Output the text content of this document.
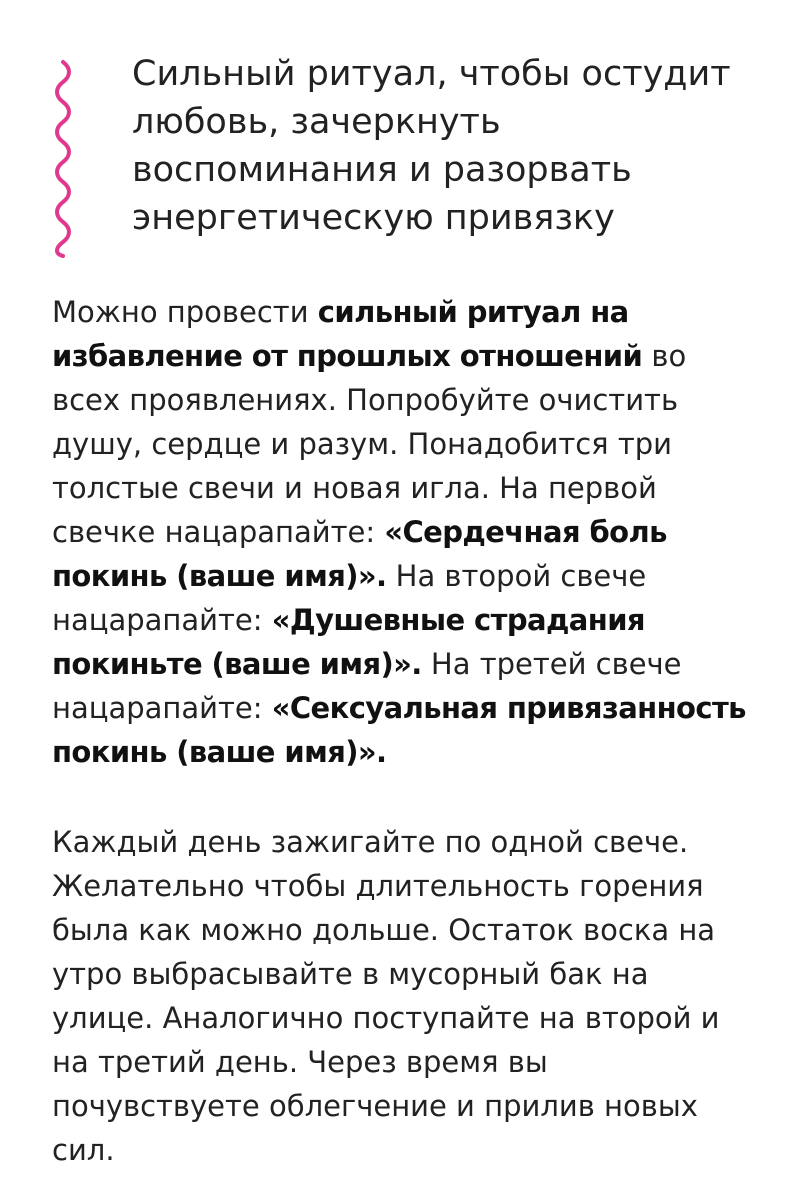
Сильный ритуал, чтобы остудит любовь, зачеркнуть воспоминания и разорвать энергетическую привязку

Можно провести сильный ритуал на избавление от прошлых отношений во всех проявлениях. Попробуйте очистить душу, сердце и разум. Понадобится три толстые свечи и новая игла. На первой свечке нацарапайте: «Сердечная боль покинь (ваше имя)». На второй свече нацарапайте: «Душевные страдания покиньте (ваше имя)». На третей свече нацарапайте: «Сексуальная привязанность покинь (ваше имя)».

Каждый день зажигайте по одной свече. Желательно чтобы длительность горения была как можно дольше. Остаток воска на утро выбрасывайте в мусорный бак на улице. Аналогично поступайте на второй и на третий день. Через время вы почувствуете облегчение и прилив новых сил.
